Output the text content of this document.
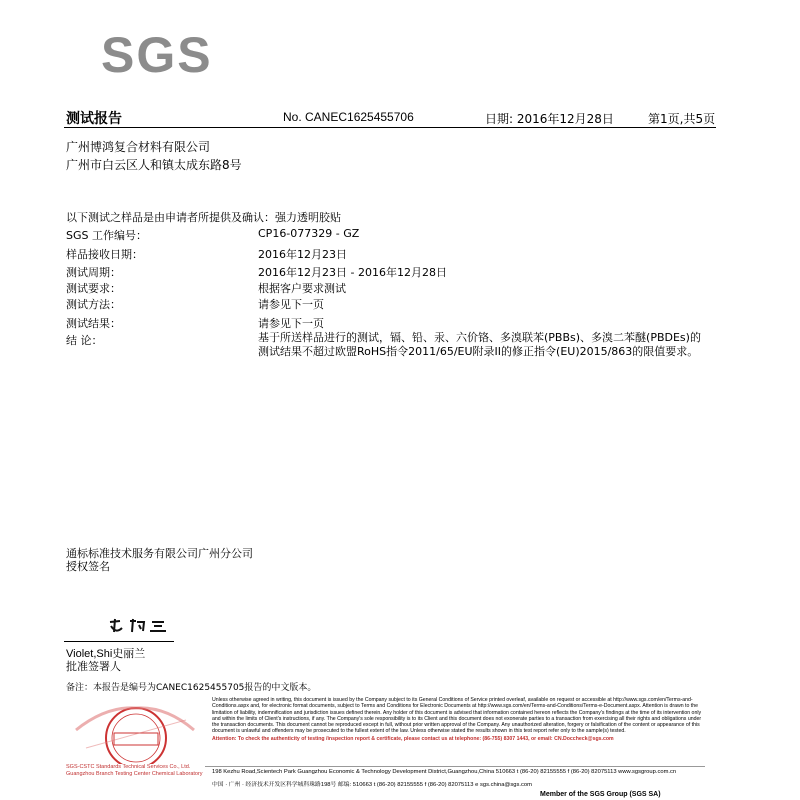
SGS
测试报告	No. CANEC1625455706	日期: 2016年12月28日	第1页,共5页
广州博鸿复合材料有限公司
广州市白云区人和镇太成东路8号
以下测试之样品是由申请者所提供及确认：强力透明胶贴
SGS 工作编号：	CP16-077329 - GZ
样品接收日期：	2016年12月23日
测试周期：	2016年12月23日 - 2016年12月28日
测试要求：	根据客户要求测试
测试方法：	请参见下一页
测试结果：	请参见下一页
结 论：	基于所送样品进行的测试，镉、铅、汞、六价铬、多溴联苯(PBBs)、多溴二苯醚(PBDEs)的测试结果不超过欧盟RoHS指令2011/65/EU附录II的修正指令(EU)2015/863的限值要求。
通标标准技术服务有限公司广州分公司
授权签名
Violet,Shi史丽兰
批准签署人
备注：本报告是编号为CANEC1625455705报告的中文版本。
Unless otherwise agreed in writing, this document is issued by the Company subject to its General Conditions of Service printed overleaf, available on request or accessible at http://www.sgs.com/en/Terms-and-Conditions.aspx and, for electronic format documents, subject to Terms and Conditions for Electronic Documents at http://www.sgs.com/en/Terms-and-Conditions/Terms-e-Document.aspx. Attention is drawn to the limitation of liability, indemnification and jurisdiction issues defined therein. Any holder of this document is advised that information contained hereon reflects the Company's findings at the time of its intervention only and within the limits of Client's instructions, if any. The Company's sole responsibility is to its Client and this document does not exonerate parties to a transaction from exercising all their rights and obligations under the transaction documents. This document cannot be reproduced except in full, without prior written approval of the Company. Any unauthorized alteration, forgery or falsification of the content or appearance of this document is unlawful and offenders may be prosecuted to the fullest extent of the law. Unless otherwise stated the results shown in this test report refer only to the sample(s) tested.
Attention: To check the authenticity of testing /inspection report & certificate, please contact us at telephone: (86-755) 8307 1443, or email: CN.Doccheck@sgs.com
SGS-CSTC Standards Technical Services Co., Ltd. Guangzhou Branch Testing Center Chemical Laboratory	198 Kezhu Road,Scientech Park Guangzhou Economic & Technology Development District,Guangzhou,China 510663 t (86-20) 82155555 f (86-20) 82075113 www.sgsgroup.com.cn
中国 · 广州 · 经济技术开发区科学城科珠路198号 邮编: 510663 t (86-20) 82155555 f (86-20) 82075113 e sgs.china@sgs.com
Member of the SGS Group (SGS SA)
